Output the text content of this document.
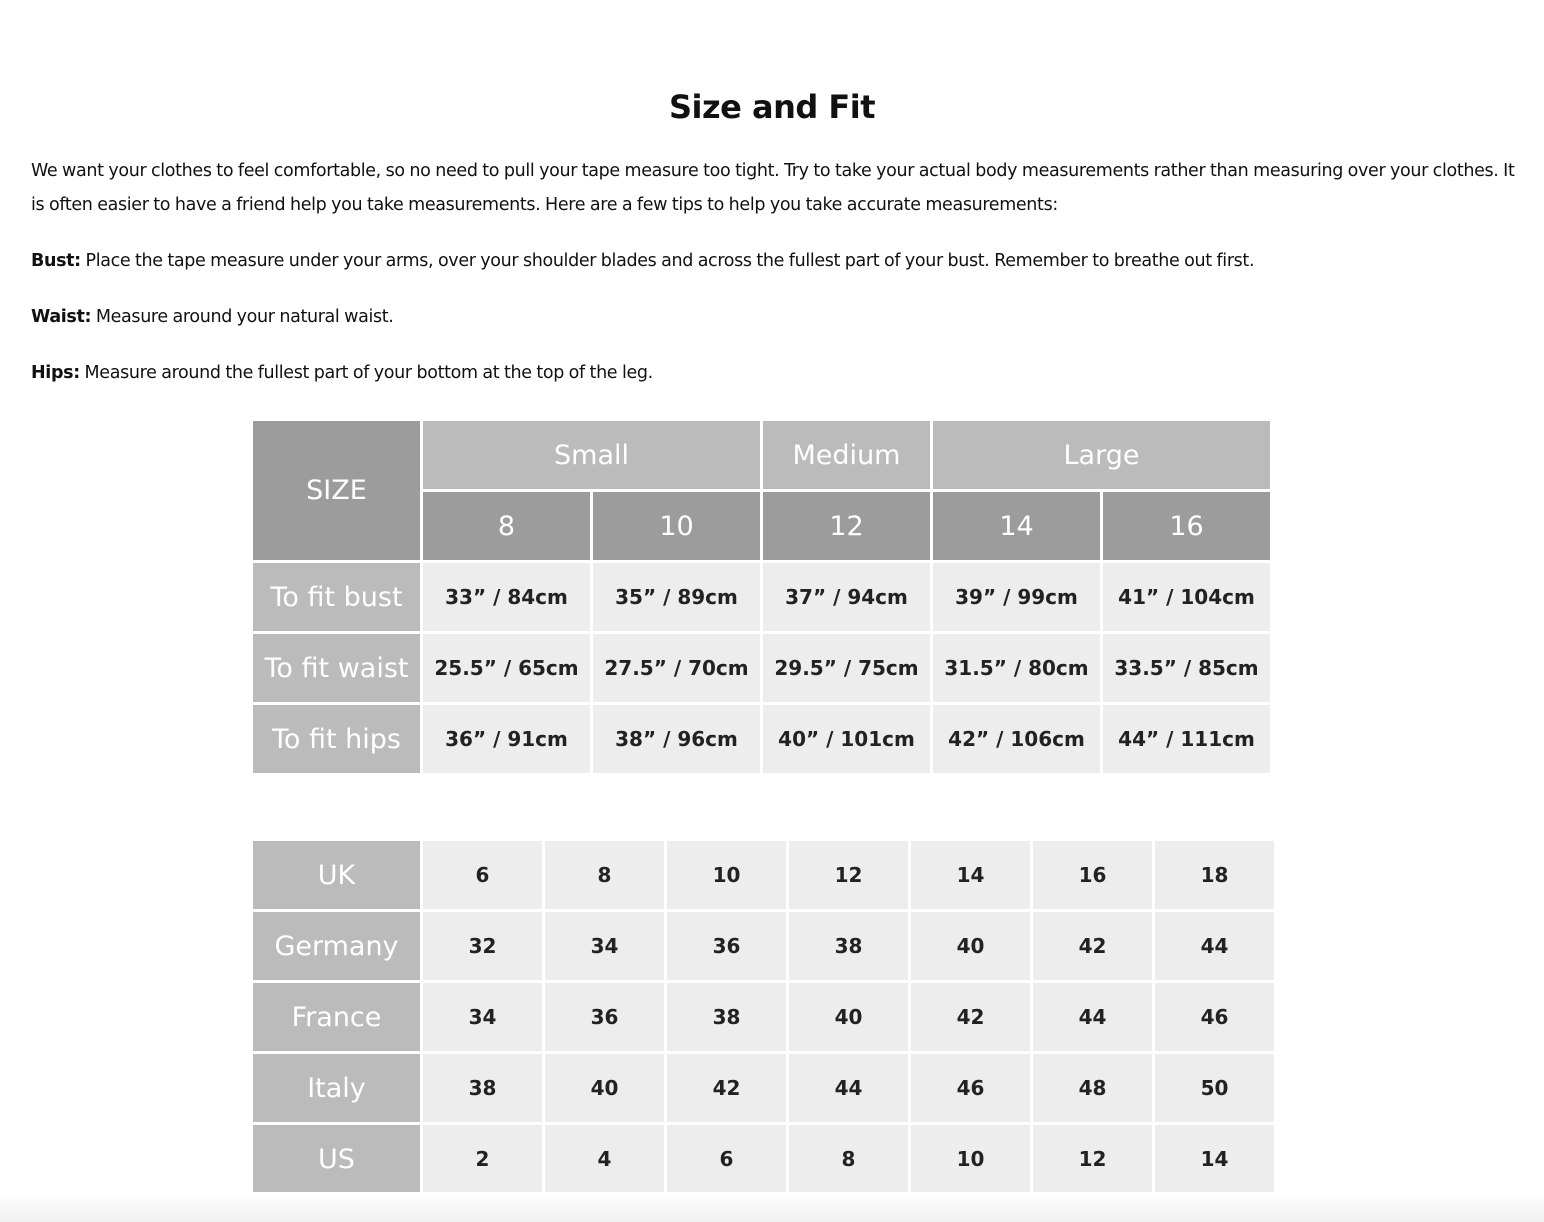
Size and Fit

We want your clothes to feel comfortable, so no need to pull your tape measure too tight. Try to take your actual body measurements rather than measuring over your clothes. It is often easier to have a friend help you take measurements. Here are a few tips to help you take accurate measurements:

Bust: Place the tape measure under your arms, over your shoulder blades and across the fullest part of your bust. Remember to breathe out first.

Waist: Measure around your natural waist.

Hips: Measure around the fullest part of your bottom at the top of the leg.

SIZE	Small		Medium	Large	
	8	10	12	14	16
To fit bust	33” / 84cm	35” / 89cm	37” / 94cm	39” / 99cm	41” / 104cm
To fit waist	25.5” / 65cm	27.5” / 70cm	29.5” / 75cm	31.5” / 80cm	33.5” / 85cm
To fit hips	36” / 91cm	38” / 96cm	40” / 101cm	42” / 106cm	44” / 111cm
UK	6	8	10	12	14	16	18
Germany	32	34	36	38	40	42	44
France	34	36	38	40	42	44	46
Italy	38	40	42	44	46	48	50
US	2	4	6	8	10	12	14
